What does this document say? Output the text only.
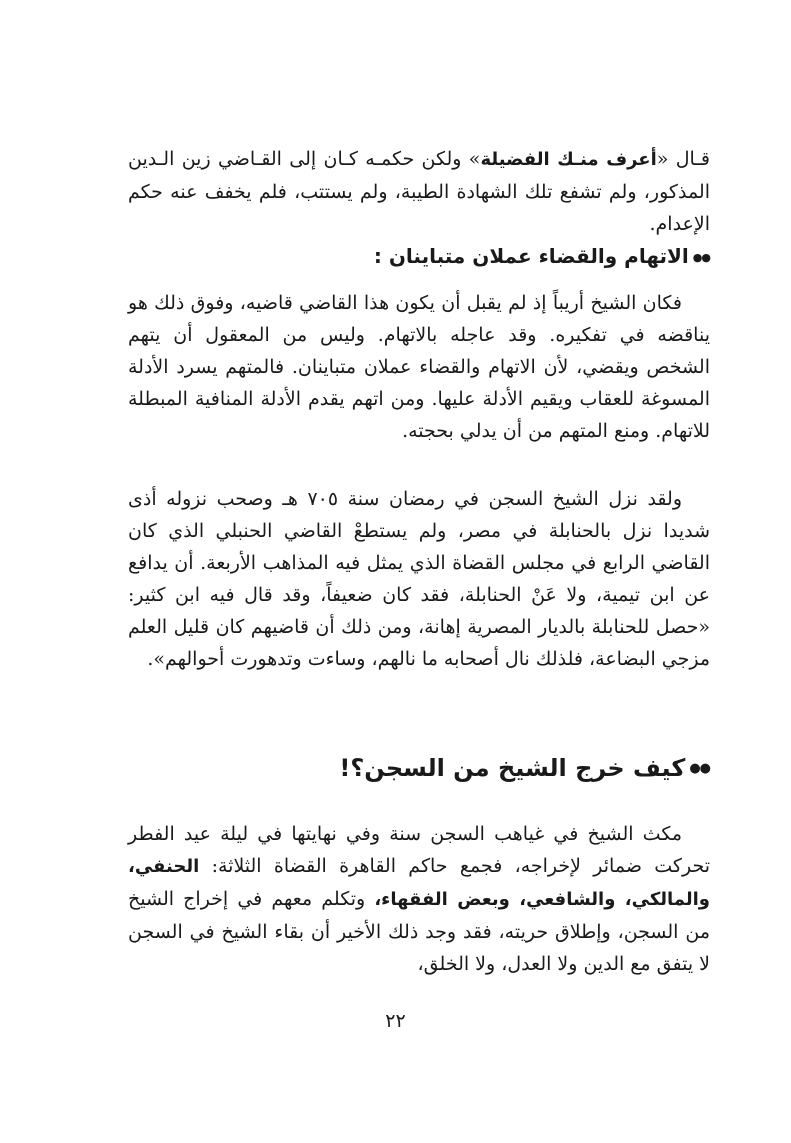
قـال «أعرف منـك الفضيلة» ولكن حكمـه كـان إلى القـاضي زين الـدين المذكور، ولم تشفع تلك الشهادة الطيبة، ولم يستتب، فلم يخفف عنه حكم الإعدام.

●●الاتهام والقضاء عملان متباينان :

فكان الشيخ أريباً إذ لم يقبل أن يكون هذا القاضي قاضيه، وفوق ذلك هو يناقضه في تفكيره. وقد عاجله بالاتهام. وليس من المعقول أن يتهم الشخص ويقضي، لأن الاتهام والقضاء عملان متباينان. فالمتهم يسرد الأدلة المسوغة للعقاب ويقيم الأدلة عليها. ومن اتهم يقدم الأدلة المنافية المبطلة للاتهام. ومنع المتهم من أن يدلي بحجته.

ولقد نزل الشيخ السجن في رمضان سنة ٧٠٥ هـ وصحب نزوله أذى شديدا نزل بالحنابلة في مصر، ولم يستطعْ القاضي الحنبلي الذي كان القاضي الرابع في مجلس القضاة الذي يمثل فيه المذاهب الأربعة. أن يدافع عن ابن تيمية، ولا عَنْ الحنابلة، فقد كان ضعيفاً، وقد قال فيه ابن كثير: «حصل للحنابلة بالديار المصرية إهانة، ومن ذلك أن قاضيهم كان قليل العلم مزجي البضاعة، فلذلك نال أصحابه ما نالهم، وساءت وتدهورت أحوالهم».

●●كيف خرج الشيخ من السجن؟!

مكث الشيخ في غياهب السجن سنة وفي نهايتها في ليلة عيد الفطر تحركت ضمائر لإخراجه، فجمع حاكم القاهرة القضاة الثلاثة: الحنفي، والمالكي، والشافعي، وبعض الفقهاء، وتكلم معهم في إخراج الشيخ من السجن، وإطلاق حريته، فقد وجد ذلك الأخير أن بقاء الشيخ في السجن لا يتفق مع الدين ولا العدل، ولا الخلق،

٢٢
